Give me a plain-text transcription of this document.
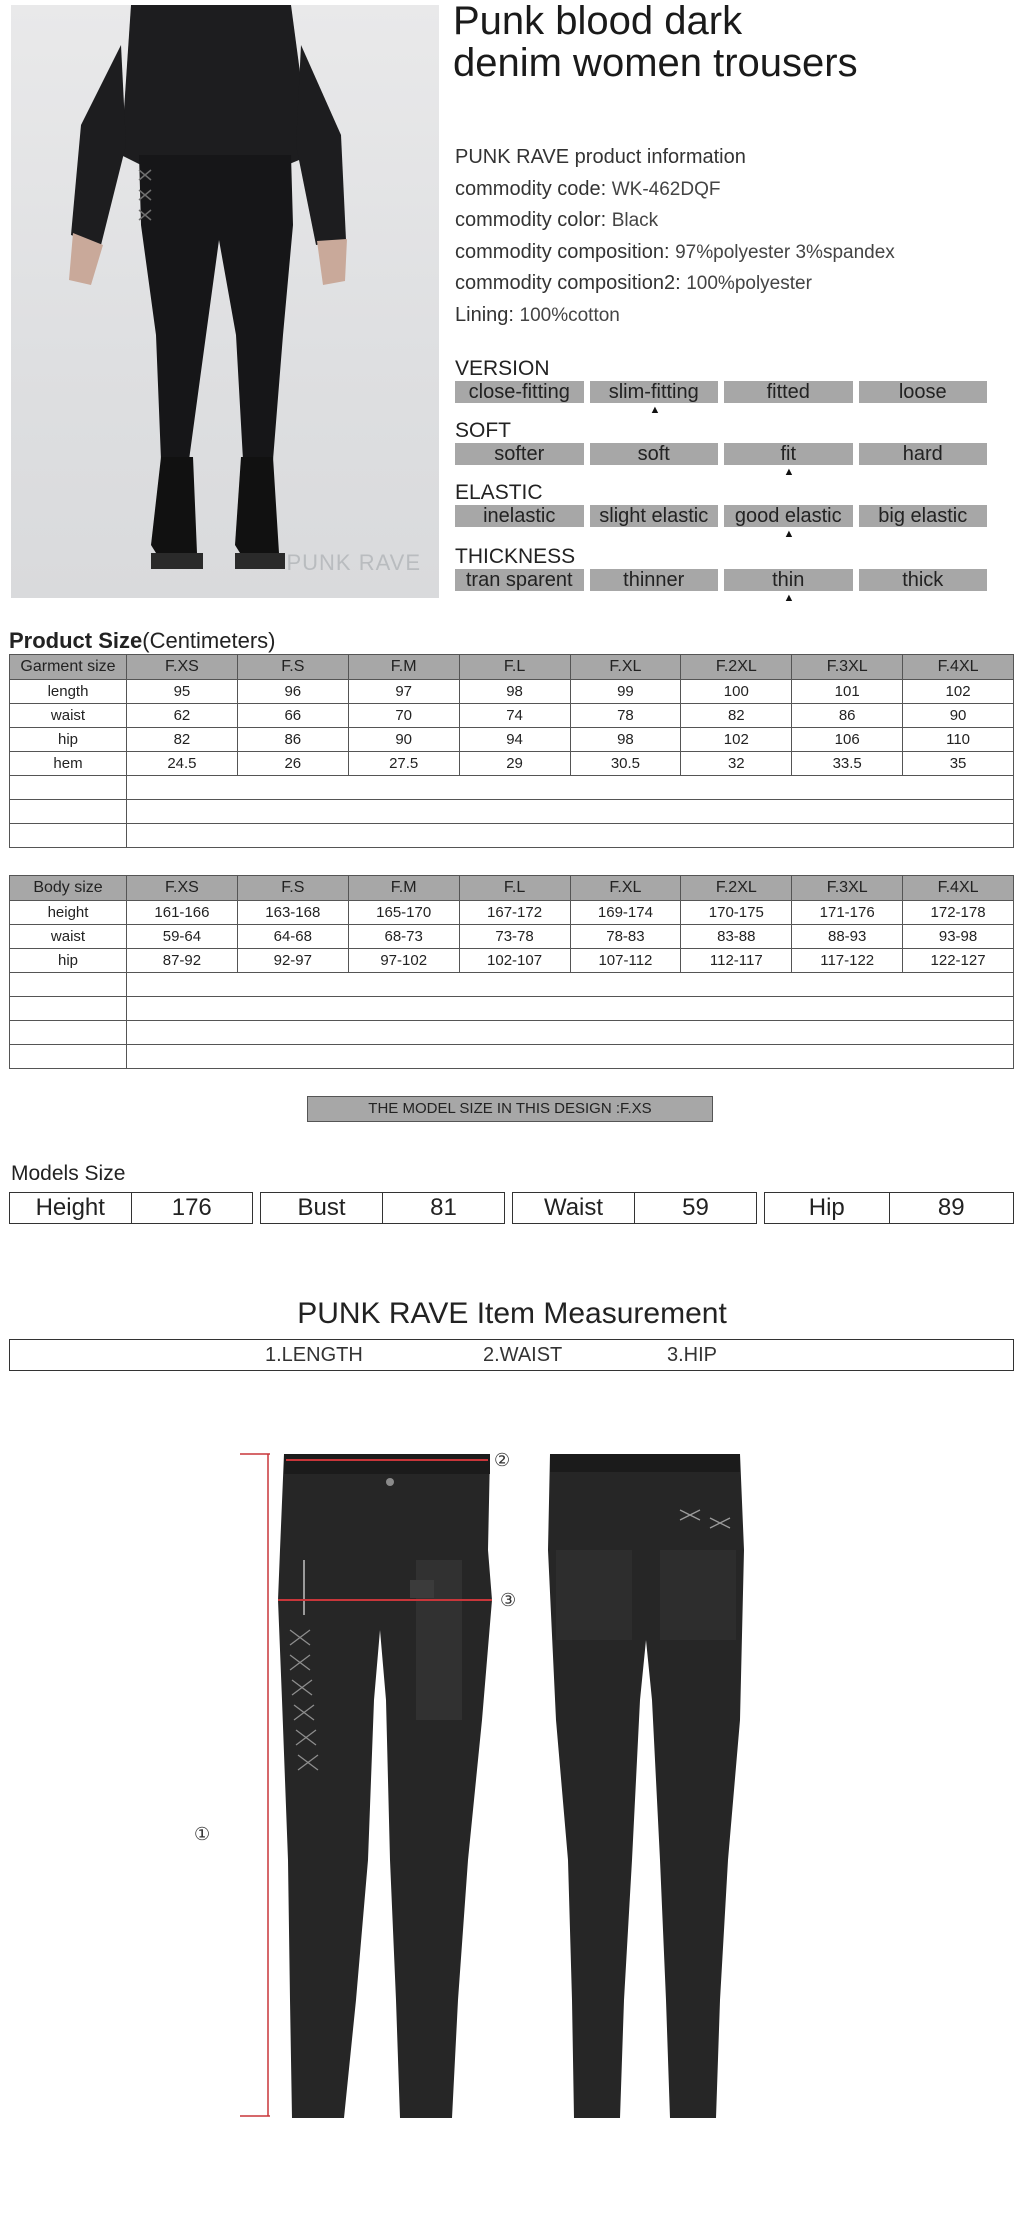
PUNK RAVE
Punk blood dark
denim women trousers
PUNK RAVE product information
commodity code: WK-462DQF
commodity color: Black
commodity composition: 97%polyester 3%spandex
commodity composition2: 100%polyester
Lining: 100%cotton
VERSION
close-fitting	slim-fitting	fitted	loose
▲
SOFT
softer	soft	fit	hard
▲
ELASTIC
inelastic	slight elastic	good elastic	big elastic
▲
THICKNESS
tran sparent	thinner	thin	thick
▲
Product Size(Centimeters)
Garment size	F.XS	F.S	F.M	F.L	F.XL	F.2XL	F.3XL	F.4XL
length	95	96	97	98	99	100	101	102
waist	62	66	70	74	78	82	86	90
hip	82	86	90	94	98	102	106	110
hem	24.5	26	27.5	29	30.5	32	33.5	35

Body size	F.XS	F.S	F.M	F.L	F.XL	F.2XL	F.3XL	F.4XL
height	161-166	163-168	165-170	167-172	169-174	170-175	171-176	172-178
waist	59-64	64-68	68-73	73-78	78-83	83-88	88-93	93-98
hip	87-92	92-97	97-102	102-107	107-112	112-117	117-122	122-127

THE MODEL SIZE IN THIS DESIGN :F.XS
Models Size
Height	176	Bust	81	Waist	59	Hip	89
PUNK RAVE Item Measurement
1.LENGTH	2.WAIST	3.HIP
①
②
③
